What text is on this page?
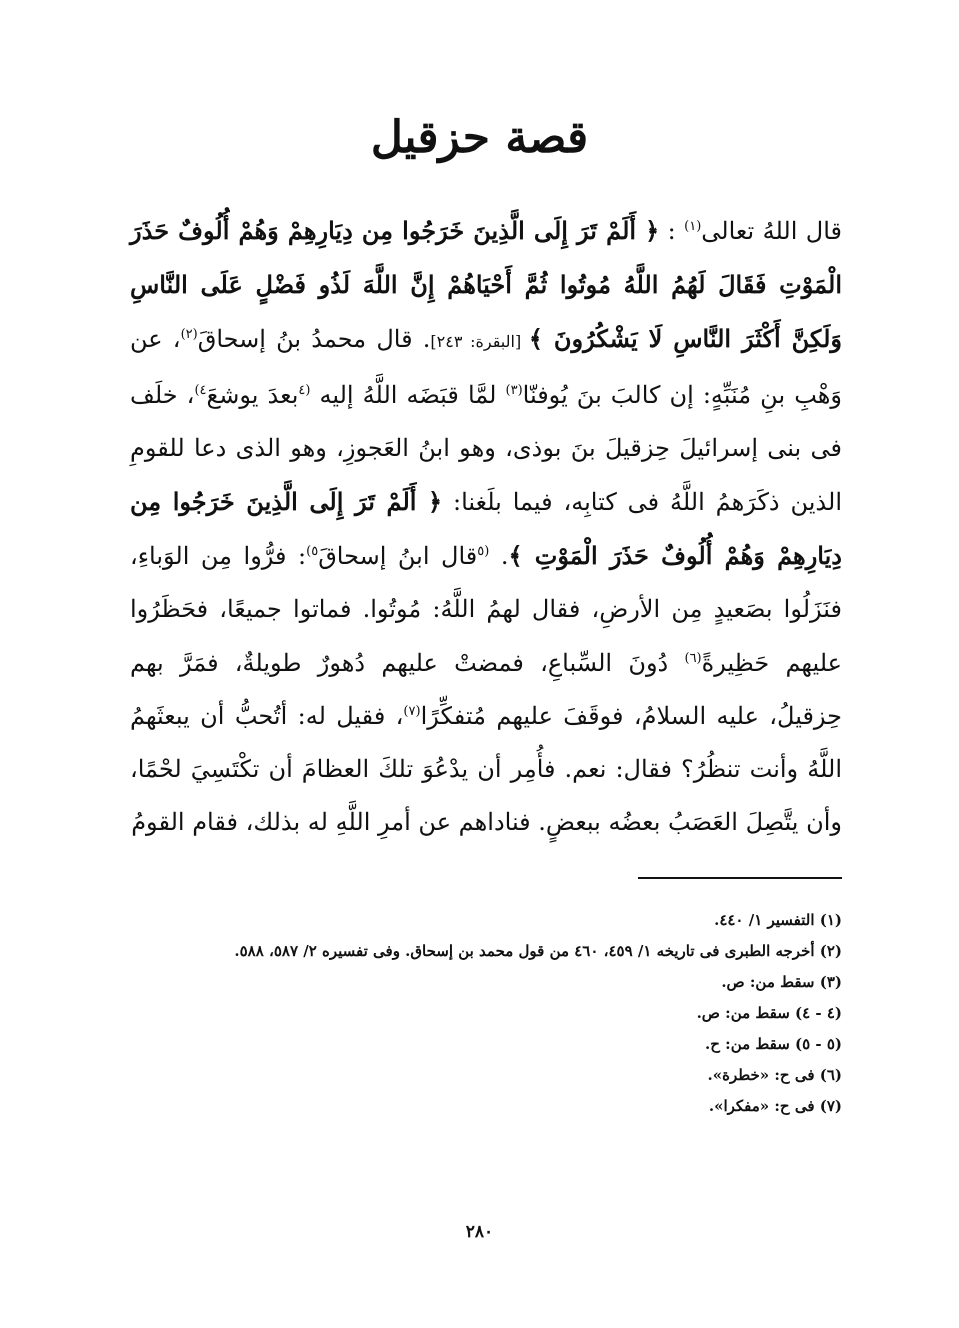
قصة حزقيل

قال اللهُ تعالى$^{(١)}$ : ﴿ أَلَمْ تَرَ إِلَى الَّذِينَ خَرَجُوا مِن دِيَارِهِمْ وَهُمْ أُلُوفٌ حَذَرَ الْمَوْتِ فَقَالَ لَهُمُ اللَّهُ مُوتُوا ثُمَّ أَحْيَاهُمْ إِنَّ اللَّهَ لَذُو فَضْلٍ عَلَى النَّاسِ وَلَكِنَّ أَكْثَرَ النَّاسِ لَا يَشْكُرُونَ ﴾ [البقرة: ٢٤٣]. قال محمدُ بنُ إسحاقَ$^{(٢)}$، عن وَهْبِ بنِ مُنَبِّهٍ: إن كالبَ بنَ يُوفنّا$^{(٣)}$ لمَّا قبَضَه اللَّهُ إليه $^{(٤}$بعدَ يوشعَ$^{٤)}$، خلَف فى بنى إسرائيلَ حِزقيلَ بنَ بوذى، وهو ابنُ العَجوزِ، وهو الذى دعا للقومِ الذين ذكَرَهمُ اللَّهُ فى كتابِه، فيما بلَغنا: ﴿ أَلَمْ تَرَ إِلَى الَّذِينَ خَرَجُوا مِن دِيَارِهِمْ وَهُمْ أُلُوفٌ حَذَرَ الْمَوْتِ ﴾. $^{(٥}$قال ابنُ إسحاقَ$^{٥)}$: فرُّوا مِن الوَباءِ، فنَزَلُوا بصَعيدٍ مِن الأرضِ، فقال لهمُ اللَّهُ: مُوتُوا. فماتوا جميعًا، فحَظَرُوا عليهم حَظِيرةً$^{(٦)}$ دُونَ السِّباعِ، فمضتْ عليهم دُهورٌ طويلةٌ، فمَرَّ بهم حِزقيلُ، عليه السلامُ، فوقَفَ عليهم مُتفكِّرًا$^{(٧)}$، فقيل له: أتُحبُّ أن يبعثَهمُ اللَّهُ وأنت تنظُرُ؟ فقال: نعم. فأُمِر أن يدْعُوَ تلكَ العظامَ أن تكْتَسِيَ لحْمًا، وأن يتَّصِلَ العَصَبُ بعضُه ببعضٍ. فناداهم عن أمرِ اللَّهِ له بذلك، فقام القومُ

(١) التفسير ١/ ٤٤٠.
(٢) أخرجه الطبرى فى تاريخه ١/ ٤٥٩، ٤٦٠ من قول محمد بن إسحاق. وفى تفسيره ٢/ ٥٨٧، ٥٨٨.
(٣) سقط من: ص.
(٤ - ٤) سقط من: ص.
(٥ - ٥) سقط من: ح.
(٦) فى ح: «خطرة».
(٧) فى ح: «مفكرا».

٢٨٠
